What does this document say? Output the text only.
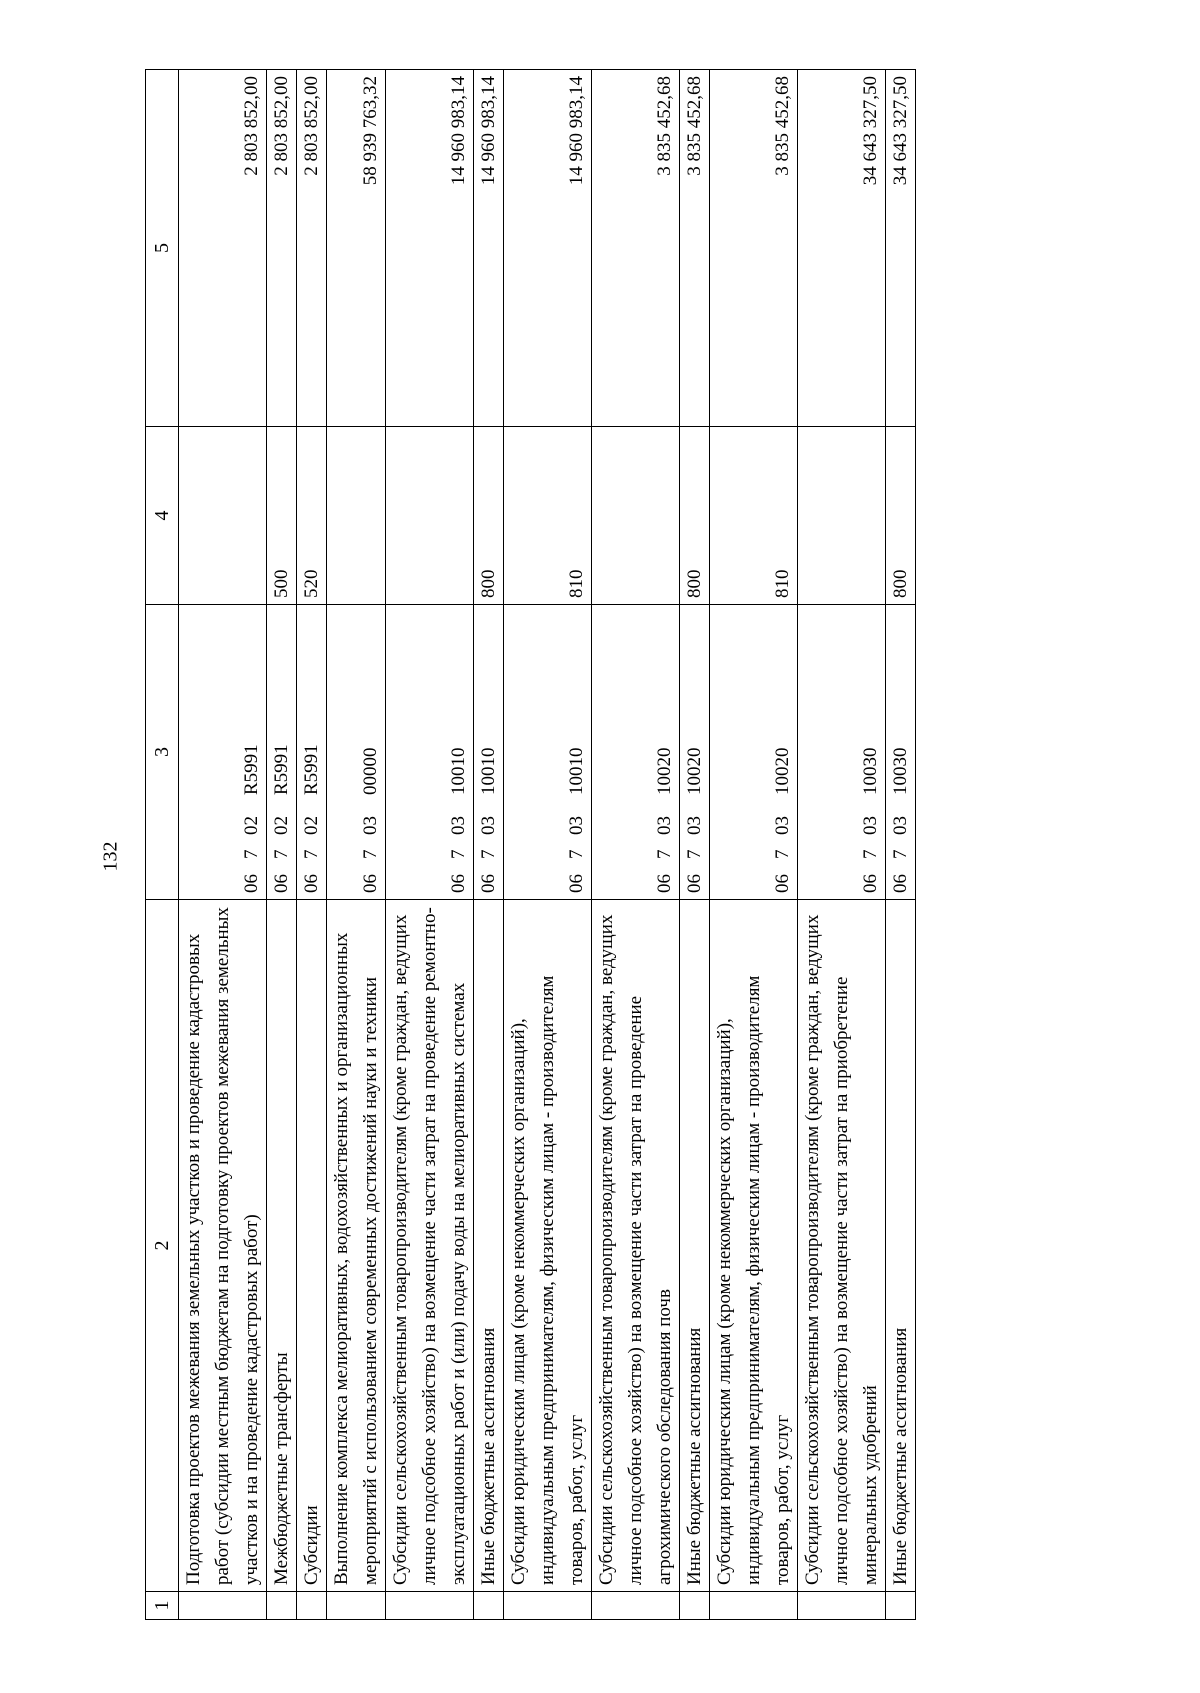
132
1	2	3	4	5
	Подготовка проектов межевания земельных участков и проведение кадастровых работ (субсидии местным бюджетам на подготовку проектов межевания земельных участков и на проведение кадастровых работ)	06702R5991		2 803 852,00
	Межбюджетные трансферты	06702R5991	500	2 803 852,00
	Субсидии	06702R5991	520	2 803 852,00
	Выполнение комплекса мелиоративных, водохозяйственных и организационных мероприятий с использованием современных достижений науки и техники	0670300000		58 939 763,32
	Субсидии сельскохозяйственным товаропроизводителям (кроме граждан, ведущих личное подсобное хозяйство) на возмещение части затрат на проведение ремонтно-эксплуатационных работ и (или) подачу воды на мелиоративных системах	0670310010		14 960 983,14
	Иные бюджетные ассигнования	0670310010	800	14 960 983,14
	Субсидии юридическим лицам (кроме некоммерческих организаций), индивидуальным предпринимателям, физическим лицам - производителям товаров, работ, услуг	0670310010	810	14 960 983,14
	Субсидии сельскохозяйственным товаропроизводителям (кроме граждан, ведущих личное подсобное хозяйство) на возмещение части затрат на проведение агрохимического обследования почв	0670310020		3 835 452,68
	Иные бюджетные ассигнования	0670310020	800	3 835 452,68
	Субсидии юридическим лицам (кроме некоммерческих организаций), индивидуальным предпринимателям, физическим лицам - производителям товаров, работ, услуг	0670310020	810	3 835 452,68
	Субсидии сельскохозяйственным товаропроизводителям (кроме граждан, ведущих личное подсобное хозяйство) на возмещение части затрат на приобретение минеральных удобрений	0670310030		34 643 327,50
	Иные бюджетные ассигнования	0670310030	800	34 643 327,50
